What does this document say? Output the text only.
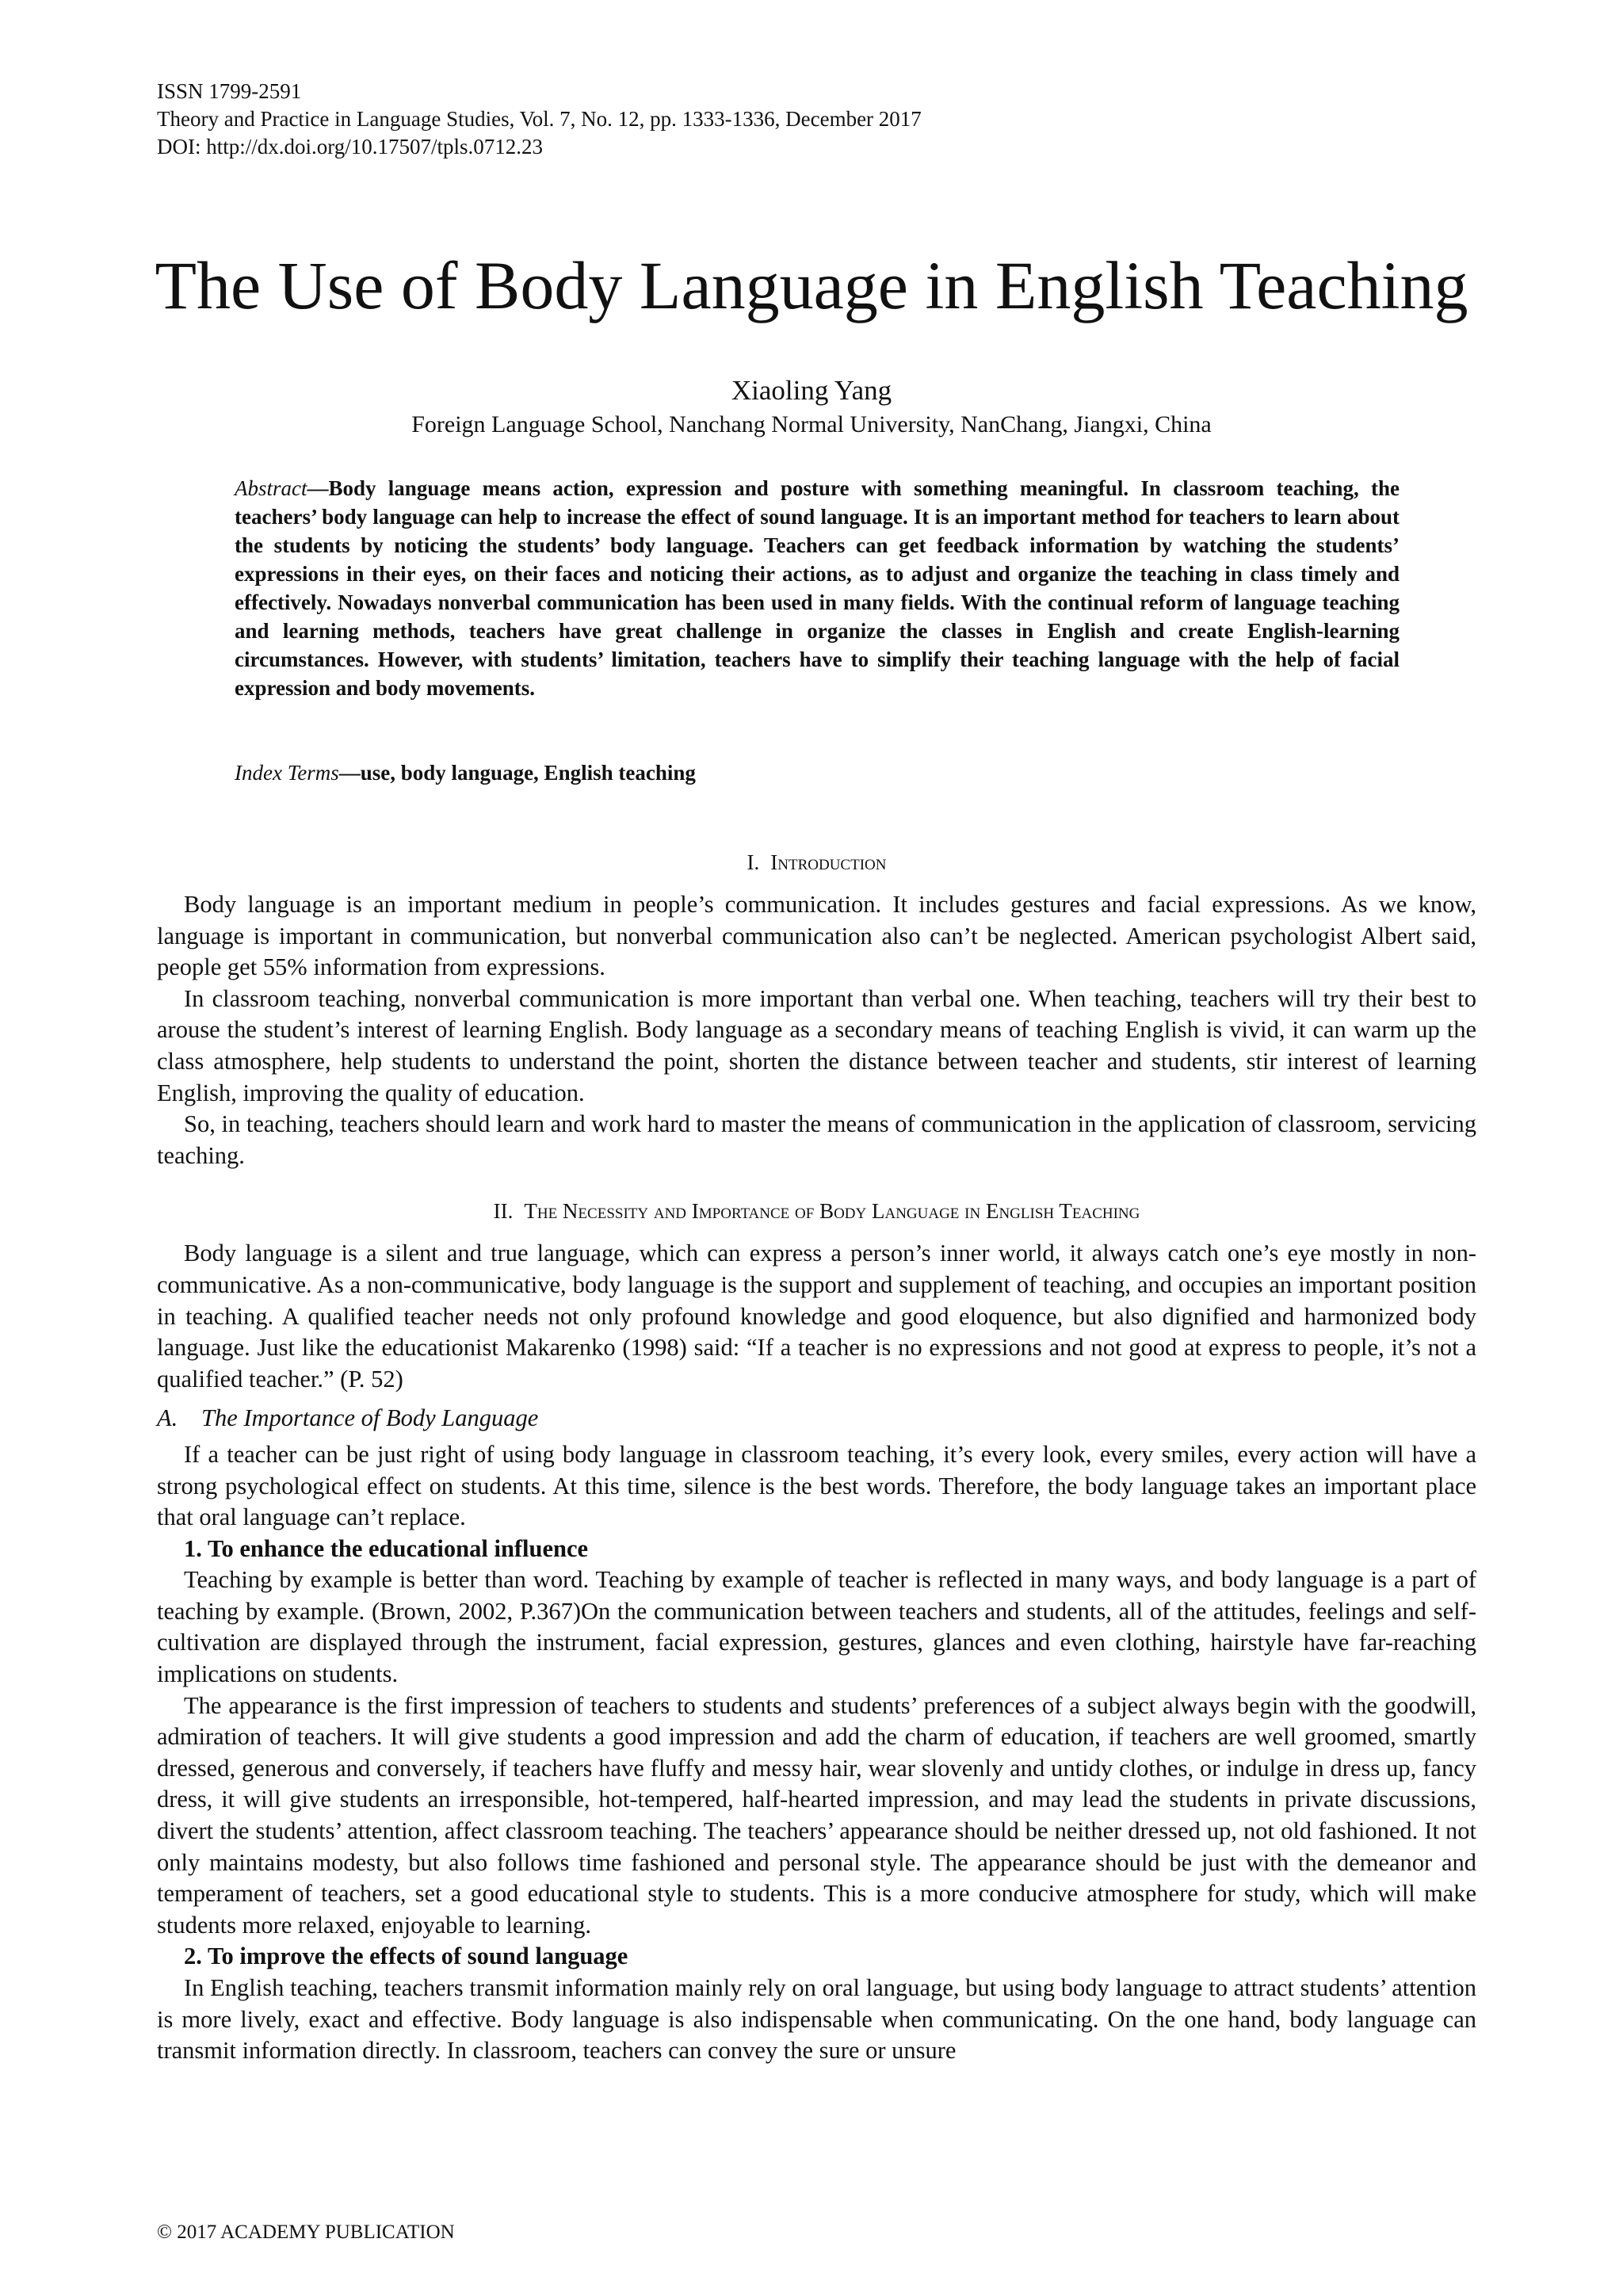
ISSN 1799-2591
Theory and Practice in Language Studies, Vol. 7, No. 12, pp. 1333-1336, December 2017
DOI: http://dx.doi.org/10.17507/tpls.0712.23
The Use of Body Language in English Teaching
Xiaoling Yang
Foreign Language School, Nanchang Normal University, NanChang, Jiangxi, China
Abstract—Body language means action, expression and posture with something meaningful. In classroom teaching, the teachers’ body language can help to increase the effect of sound language. It is an important method for teachers to learn about the students by noticing the students’ body language. Teachers can get feedback information by watching the students’ expressions in their eyes, on their faces and noticing their actions, as to adjust and organize the teaching in class timely and effectively. Nowadays nonverbal communication has been used in many fields. With the continual reform of language teaching and learning methods, teachers have great challenge in organize the classes in English and create English-learning circumstances. However, with students’ limitation, teachers have to simplify their teaching language with the help of facial expression and body movements.
Index Terms—use, body language, English teaching
I. Introduction

Body language is an important medium in people’s communication. It includes gestures and facial expressions. As we know, language is important in communication, but nonverbal communication also can’t be neglected. American psychologist Albert said, people get 55% information from expressions.

In classroom teaching, nonverbal communication is more important than verbal one. When teaching, teachers will try their best to arouse the student’s interest of learning English. Body language as a secondary means of teaching English is vivid, it can warm up the class atmosphere, help students to understand the point, shorten the distance between teacher and students, stir interest of learning English, improving the quality of education.

So, in teaching, teachers should learn and work hard to master the means of communication in the application of classroom, servicing teaching.

II. The Necessity and Importance of Body Language in English Teaching

Body language is a silent and true language, which can express a person’s inner world, it always catch one’s eye mostly in non-communicative. As a non-communicative, body language is the support and supplement of teaching, and occupies an important position in teaching. A qualified teacher needs not only profound knowledge and good eloquence, but also dignified and harmonized body language. Just like the educationist Makarenko (1998) said: “If a teacher is no expressions and not good at express to people, it’s not a qualified teacher.” (P. 52)

A. The Importance of Body Language

If a teacher can be just right of using body language in classroom teaching, it’s every look, every smiles, every action will have a strong psychological effect on students. At this time, silence is the best words. Therefore, the body language takes an important place that oral language can’t replace.

1. To enhance the educational influence

Teaching by example is better than word. Teaching by example of teacher is reflected in many ways, and body language is a part of teaching by example. (Brown, 2002, P.367)On the communication between teachers and students, all of the attitudes, feelings and self-cultivation are displayed through the instrument, facial expression, gestures, glances and even clothing, hairstyle have far-reaching implications on students.

The appearance is the first impression of teachers to students and students’ preferences of a subject always begin with the goodwill, admiration of teachers. It will give students a good impression and add the charm of education, if teachers are well groomed, smartly dressed, generous and conversely, if teachers have fluffy and messy hair, wear slovenly and untidy clothes, or indulge in dress up, fancy dress, it will give students an irresponsible, hot-tempered, half-hearted impression, and may lead the students in private discussions, divert the students’ attention, affect classroom teaching. The teachers’ appearance should be neither dressed up, not old fashioned. It not only maintains modesty, but also follows time fashioned and personal style. The appearance should be just with the demeanor and temperament of teachers, set a good educational style to students. This is a more conducive atmosphere for study, which will make students more relaxed, enjoyable to learning.

2. To improve the effects of sound language

In English teaching, teachers transmit information mainly rely on oral language, but using body language to attract students’ attention is more lively, exact and effective. Body language is also indispensable when communicating. On the one hand, body language can transmit information directly. In classroom, teachers can convey the sure or unsure

© 2017 ACADEMY PUBLICATION
